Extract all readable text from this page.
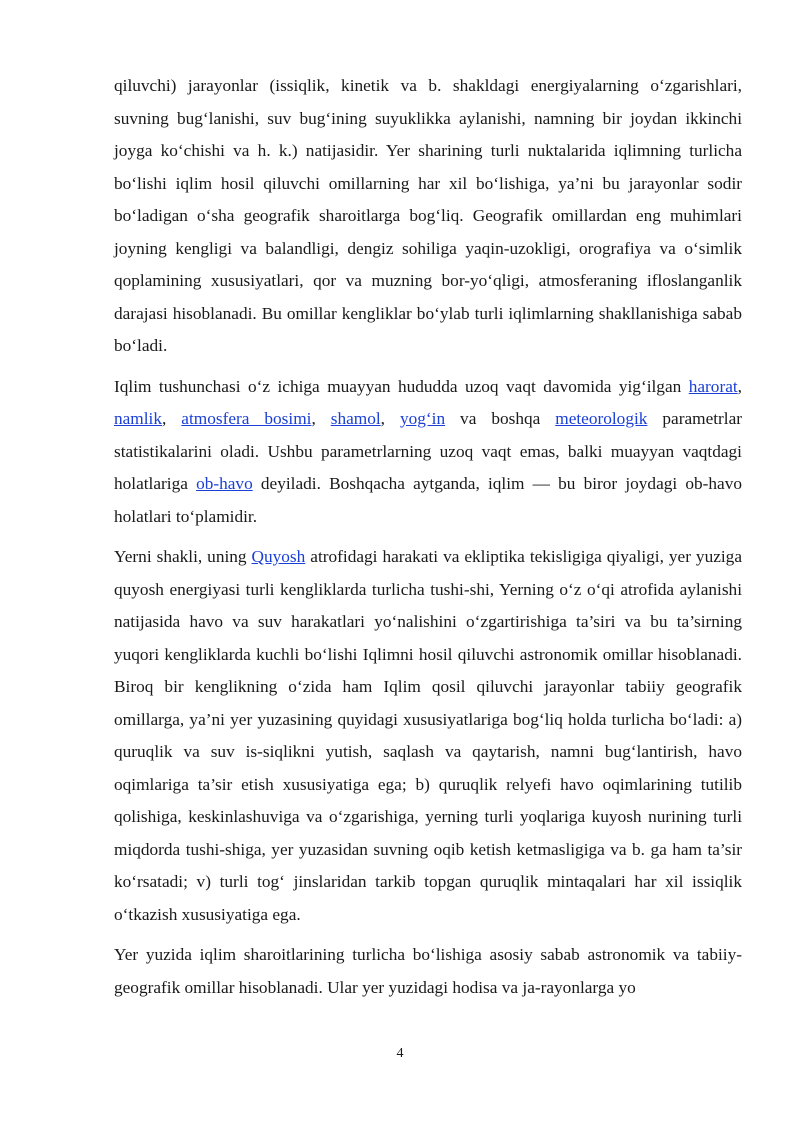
qiluvchi) jarayonlar (issiqlik, kinetik va b. shakldagi energiyalarning o‘zgarishlari, suvning bug‘lanishi, suv bug‘ining suyuklikka aylanishi, namning bir joydan ikkinchi joyga ko‘chishi va h. k.) natijasidir. Yer sharining turli nuktalarida iqlimning turlicha bo‘lishi iqlim hosil qiluvchi omillarning har xil bo‘lishiga, ya’ni bu jarayonlar sodir bo‘ladigan o‘sha geografik sharoitlarga bog‘liq. Geografik omillardan eng muhimlari joyning kengligi va balandligi, dengiz sohiliga yaqin-uzokligi, orografiya va o‘simlik qoplamining xususiyatlari, qor va muzning bor-yo‘qligi, atmosferaning ifloslanganlik darajasi hisoblanadi. Bu omillar kengliklar bo‘ylab turli iqlimlarning shakllanishiga sabab bo‘ladi.

Iqlim tushunchasi o‘z ichiga muayyan hududda uzoq vaqt davomida yig‘ilgan harorat, namlik, atmosfera bosimi, shamol, yog‘in va boshqa meteorologik parametrlar statistikalarini oladi. Ushbu parametrlarning uzoq vaqt emas, balki muayyan vaqtdagi holatlariga ob-havo deyiladi. Boshqacha aytganda, iqlim — bu biror joydagi ob-havo holatlari to‘plamidir.

Yerni shakli, uning Quyosh atrofidagi harakati va ekliptika tekisligiga qiyaligi, yer yuziga quyosh energiyasi turli kengliklarda turlicha tushi-shi, Yerning o‘z o‘qi atrofida aylanishi natijasida havo va suv harakatlari yo‘nalishini o‘zgartirishiga ta’siri va bu ta’sirning yuqori kengliklarda kuchli bo‘lishi Iqlimni hosil qiluvchi astronomik omillar hisoblanadi. Biroq bir kenglikning o‘zida ham Iqlim qosil qiluvchi jarayonlar tabiiy geografik omillarga, ya’ni yer yuzasining quyidagi xususiyatlariga bog‘liq holda turlicha bo‘ladi: a) quruqlik va suv is-siqlikni yutish, saqlash va qaytarish, namni bug‘lantirish, havo oqimlariga ta’sir etish xususiyatiga ega; b) quruqlik relyefi havo oqimlarining tutilib qolishiga, keskinlashuviga va o‘zgarishiga, yerning turli yoqlariga kuyosh nurining turli miqdorda tushi-shiga, yer yuzasidan suvning oqib ketish ketmasligiga va b. ga ham ta’sir ko‘rsatadi; v) turli tog‘ jinslaridan tarkib topgan quruqlik mintaqalari har xil issiqlik o‘tkazish xususiyatiga ega.

Yer yuzida iqlim sharoitlarining turlicha bo‘lishiga asosiy sabab astronomik va tabiiy-geografik omillar hisoblanadi. Ular yer yuzidagi hodisa va ja-rayonlarga yo

4
